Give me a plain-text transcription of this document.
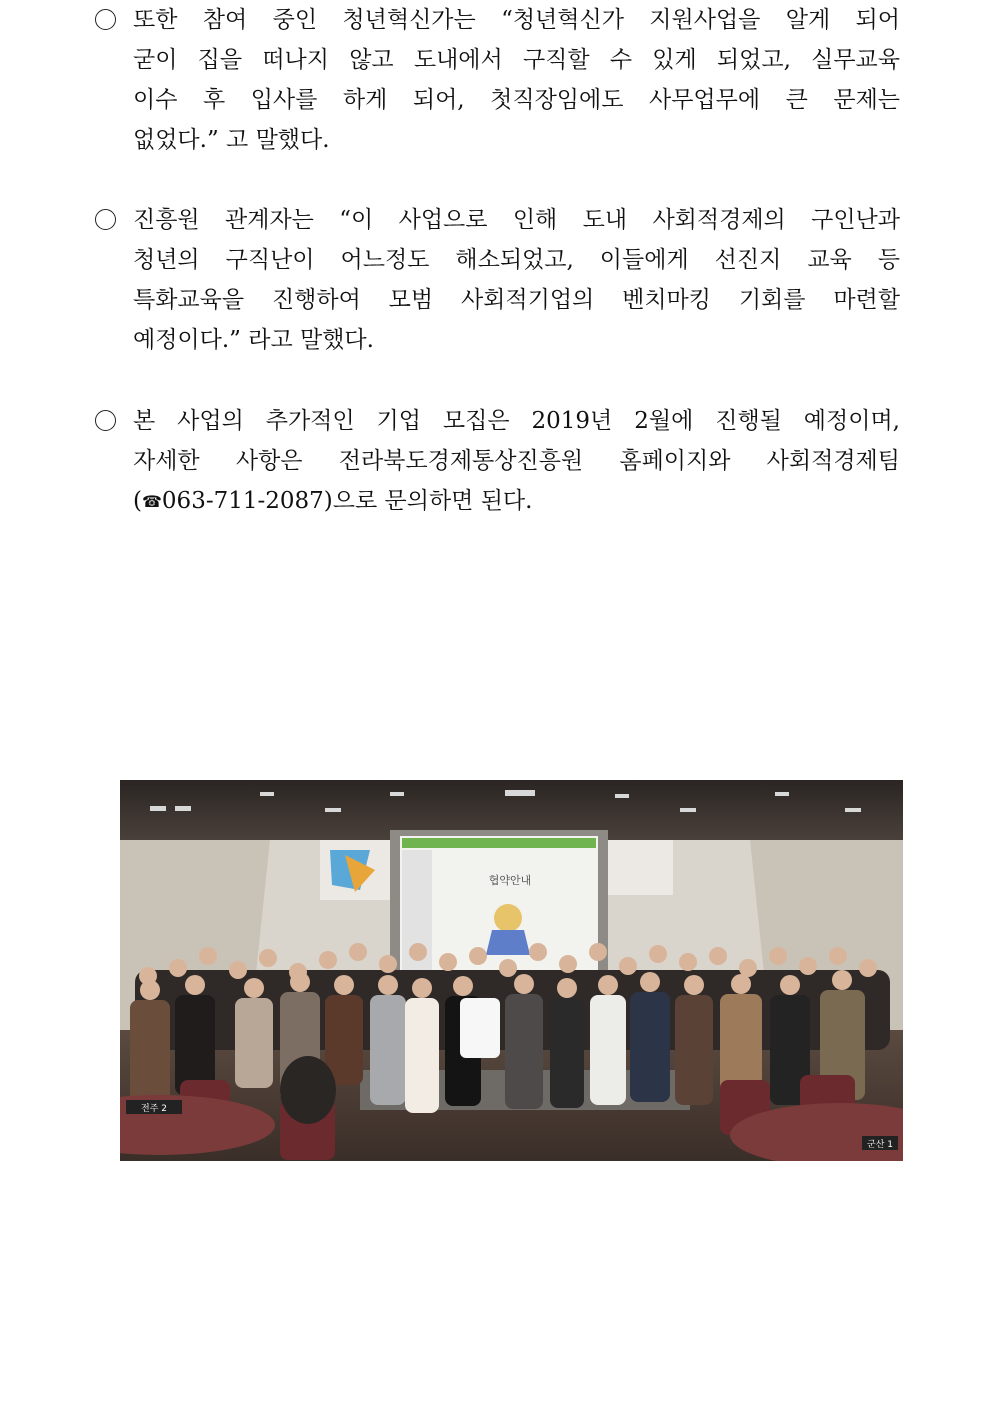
또한 참여 중인 청년혁신가는 “청년혁신가 지원사업을 알게 되어
굳이 집을 떠나지 않고 도내에서 구직할 수 있게 되었고, 실무교육
이수 후 입사를 하게 되어, 첫직장임에도 사무업무에 큰 문제는
없었다.” 고 말했다.
진흥원 관계자는 “이 사업으로 인해 도내 사회적경제의 구인난과
청년의 구직난이 어느정도 해소되었고, 이들에게 선진지 교육 등
특화교육을 진행하여 모범 사회적기업의 벤치마킹 기회를 마련할
예정이다.” 라고 말했다.
본 사업의 추가적인 기업 모집은 2019년 2월에 진행될 예정이며,
자세한 사항은 전라북도경제통상진흥원 홈페이지와 사회적경제팀
(☎063-711-2087)으로 문의하면 된다.
협약안내
전주 2
군산 1
